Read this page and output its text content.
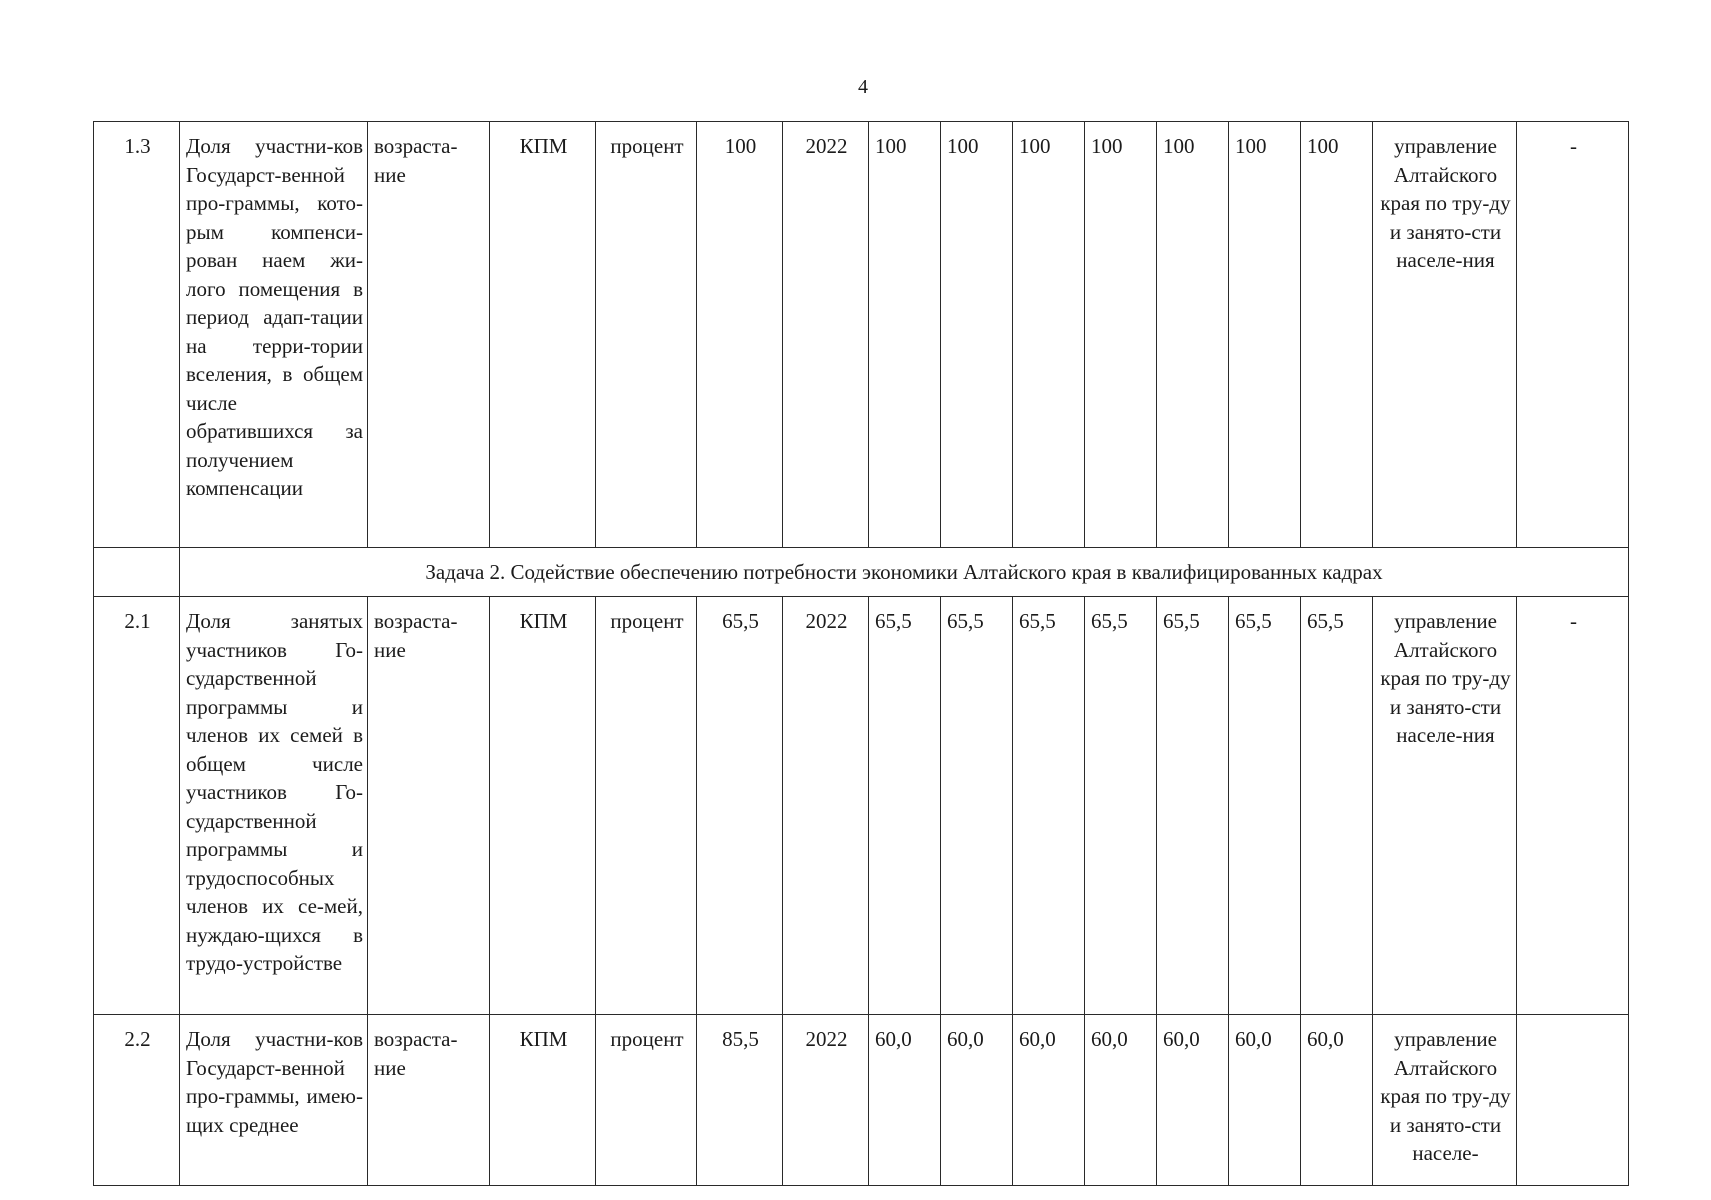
4
1.3	Доля участни-ков Государст-венной про-граммы, кото-рым компенси-рован наем жи-лого помещения в период адап-тации на терри-тории вселения, в общем числе обратившихся за получением компенсации	возраста-ние	КПМ	процент	100	2022	100	100	100	100	100	100	100	управление Алтайского края по тру-ду и занято-сти населе-ния	-
	Задача 2. Содействие обеспечению потребности экономики Алтайского края в квалифицированных кадрах														
2.1	Доля занятых участников Го-сударственной программы и членов их семей в общем числе участников Го-сударственной программы и трудоспособных членов их се-мей, нуждаю-щихся в трудо-устройстве	возраста-ние	КПМ	процент	65,5	2022	65,5	65,5	65,5	65,5	65,5	65,5	65,5	управление Алтайского края по тру-ду и занято-сти населе-ния	-
2.2	Доля участни-ков Государст-венной про-граммы, имею-щих среднее	возраста-ние	КПМ	процент	85,5	2022	60,0	60,0	60,0	60,0	60,0	60,0	60,0	управление Алтайского края по тру-ду и занято-сти населе-	
